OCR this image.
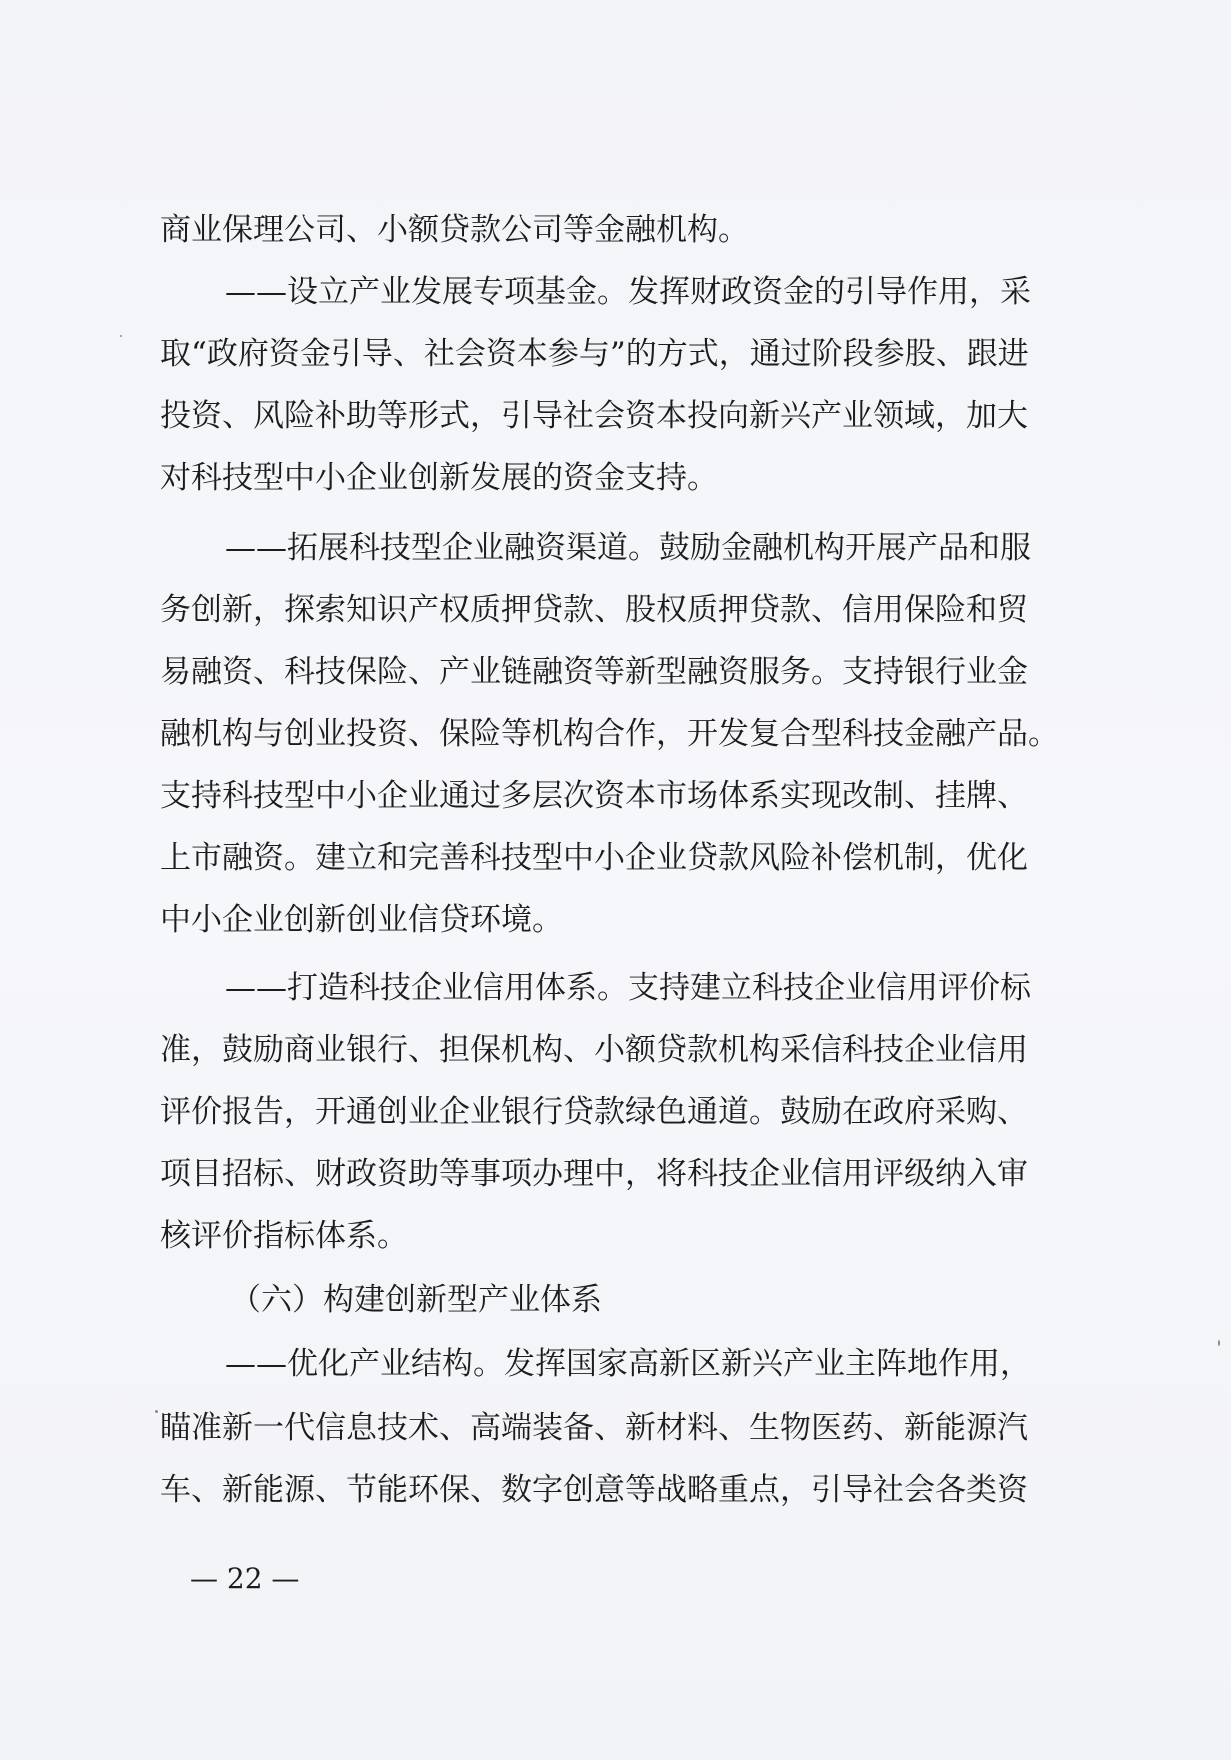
商业保理公司、小额贷款公司等金融机构。
——设立产业发展专项基金。发挥财政资金的引导作用，采
取“政府资金引导、社会资本参与”的方式，通过阶段参股、跟进
投资、风险补助等形式，引导社会资本投向新兴产业领域，加大
对科技型中小企业创新发展的资金支持。
——拓展科技型企业融资渠道。鼓励金融机构开展产品和服
务创新，探索知识产权质押贷款、股权质押贷款、信用保险和贸
易融资、科技保险、产业链融资等新型融资服务。支持银行业金
融机构与创业投资、保险等机构合作，开发复合型科技金融产品。
支持科技型中小企业通过多层次资本市场体系实现改制、挂牌、
上市融资。建立和完善科技型中小企业贷款风险补偿机制，优化
中小企业创新创业信贷环境。
——打造科技企业信用体系。支持建立科技企业信用评价标
准，鼓励商业银行、担保机构、小额贷款机构采信科技企业信用
评价报告，开通创业企业银行贷款绿色通道。鼓励在政府采购、
项目招标、财政资助等事项办理中，将科技企业信用评级纳入审
核评价指标体系。
（六）构建创新型产业体系
——优化产业结构。发挥国家高新区新兴产业主阵地作用，
瞄准新一代信息技术、高端装备、新材料、生物医药、新能源汽
车、新能源、节能环保、数字创意等战略重点，引导社会各类资
— 22 —
